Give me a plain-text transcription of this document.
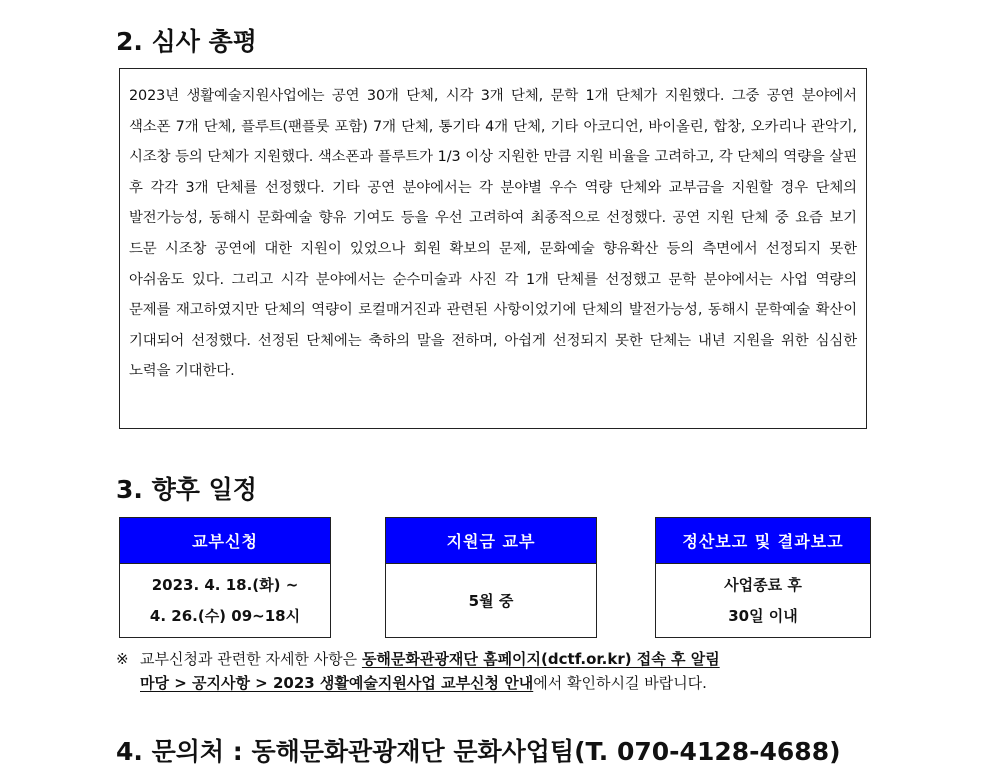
2. 심사 총평

2023년 생활예술지원사업에는 공연 30개 단체, 시각 3개 단체, 문학 1개 단체가 지원했다. 그중 공연 분야에서 색소폰 7개 단체, 플루트(팬플룻 포함) 7개 단체, 통기타 4개 단체, 기타 아코디언, 바이올린, 합창, 오카리나 관악기, 시조창 등의 단체가 지원했다. 색소폰과 플루트가 1/3 이상 지원한 만큼 지원 비율을 고려하고, 각 단체의 역량을 살핀 후 각각 3개 단체를 선정했다. 기타 공연 분야에서는 각 분야별 우수 역량 단체와 교부금을 지원할 경우 단체의 발전가능성, 동해시 문화예술 향유 기여도 등을 우선 고려하여 최종적으로 선정했다. 공연 지원 단체 중 요즘 보기 드문 시조창 공연에 대한 지원이 있었으나 회원 확보의 문제, 문화예술 향유확산 등의 측면에서 선정되지 못한 아쉬움도 있다. 그리고 시각 분야에서는 순수미술과 사진 각 1개 단체를 선정했고 문학 분야에서는 사업 역량의 문제를 재고하였지만 단체의 역량이 로컬매거진과 관련된 사항이었기에 단체의 발전가능성, 동해시 문학예술 확산이 기대되어 선정했다. 선정된 단체에는 축하의 말을 전하며, 아쉽게 선정되지 못한 단체는 내년 지원을 위한 심심한 노력을 기대한다.

3. 향후 일정
교부신청
2023. 4. 18.(화) ~
4. 26.(수) 09~18시
지원금 교부
5월 중
정산보고 및 결과보고
사업종료 후
30일 이내
※ 교부신청과 관련한 자세한 사항은 동해문화관광재단 홈페이지(dctf.or.kr) 접속 후 알림
마당 > 공지사항 > 2023 생활예술지원사업 교부신청 안내에서 확인하시길 바랍니다.
4. 문의처 : 동해문화관광재단 문화사업팀(T. 070-4128-4688)
